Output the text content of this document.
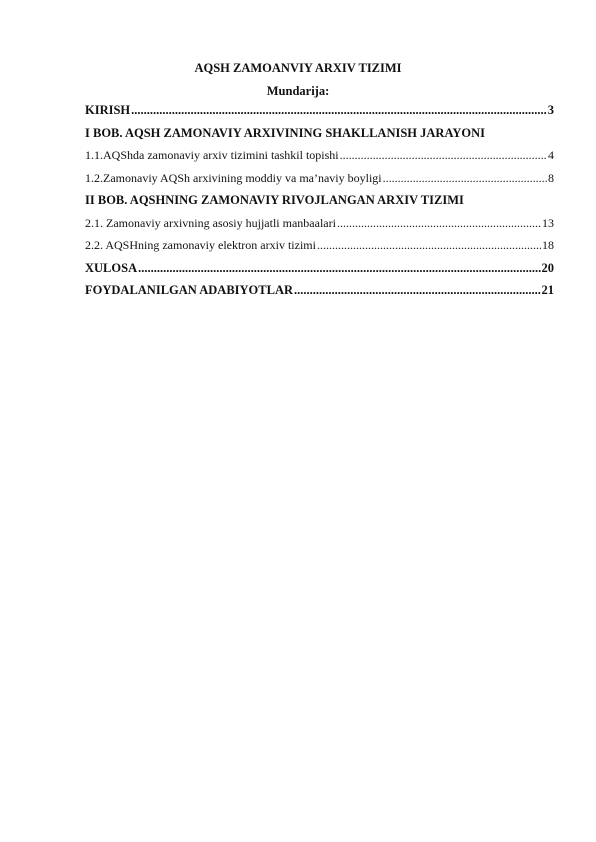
AQSH ZAMOANVIY ARXIV TIZIMI
Mundarija:
KIRISH .....	3
I BOB. AQSH ZAMONAVIY ARXIVINING SHAKLLANISH JARAYONI
1.1. AQShda zamonaviy arxiv tizimini tashkil topishi .....	4
1.2. Zamonaviy AQSh arxivining moddiy va ma’naviy boyligi .....	8
II BOB. AQSHNING ZAMONAVIY RIVOJLANGAN ARXIV TIZIMI
2.1. Zamonaviy arxivning asosiy hujjatli manbaalari .....	13
2.2. AQSHning zamonaviy elektron arxiv tizimi .....	18
XULOSA .....	20
FOYDALANILGAN ADABIYOTLAR .....	21
